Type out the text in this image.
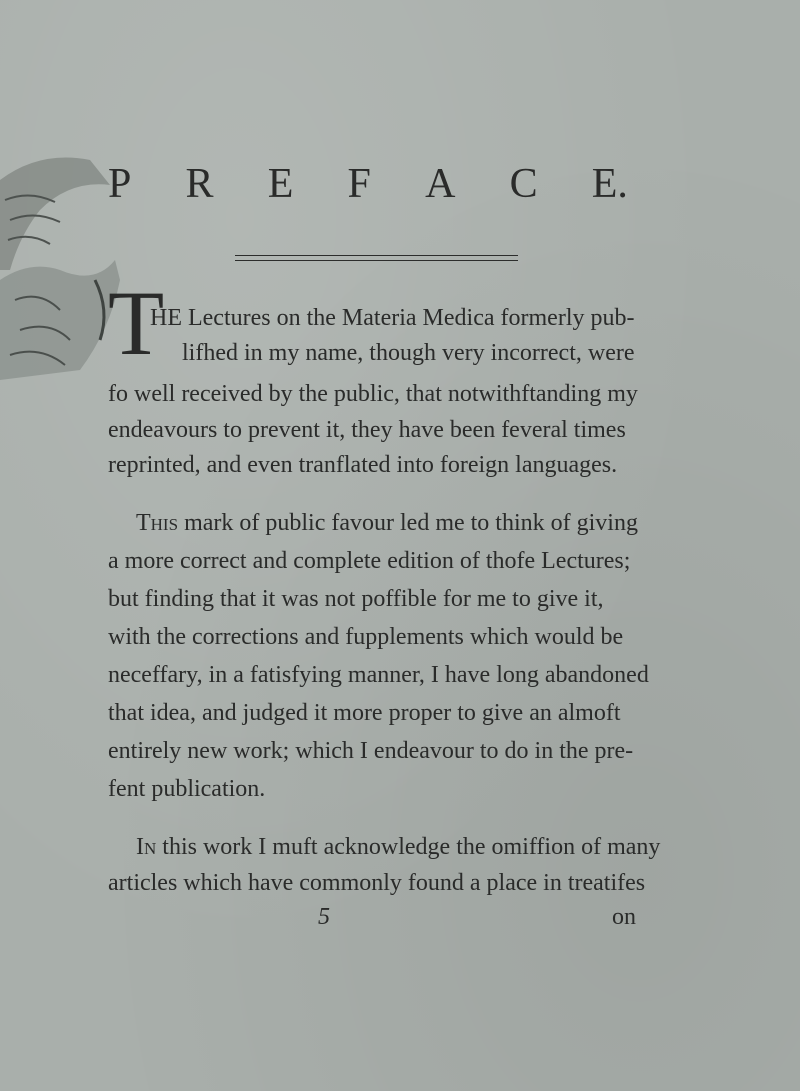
P R E F A C E.
T
HE Lectures on the Materia Medica formerly pub-
lifhed in my name, though very incorrect, were
fo well received by the public, that notwithftanding my
endeavours to prevent it, they have been feveral times
reprinted, and even tranflated into foreign languages.
This mark of public favour led me to think of giving
a more correct and complete edition of thofe Lectures;
but finding that it was not poffible for me to give it,
with the corrections and fupplements which would be
neceffary, in a fatisfying manner, I have long abandoned
that idea, and judged it more proper to give an almoft
entirely new work; which I endeavour to do in the pre-
fent publication.
In this work I muft acknowledge the omiffion of many
articles which have commonly found a place in treatifes
5	on
